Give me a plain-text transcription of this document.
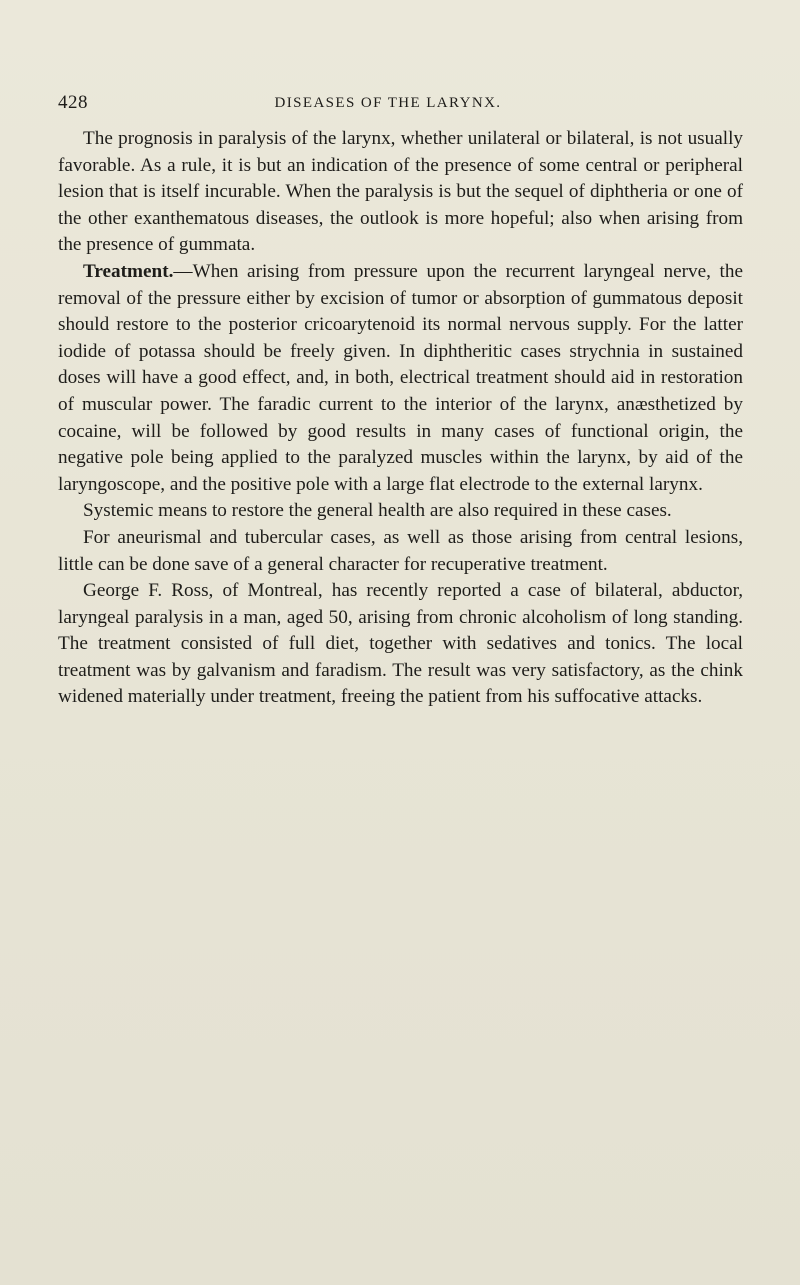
428	DISEASES OF THE LARYNX.

The prognosis in paralysis of the larynx, whether unilateral or bilateral, is not usually favorable. As a rule, it is but an indication of the presence of some central or peripheral lesion that is itself incurable. When the paralysis is but the sequel of diphtheria or one of the other exanthematous diseases, the outlook is more hopeful; also when arising from the presence of gummata.

Treatment.—When arising from pressure upon the recurrent laryngeal nerve, the removal of the pressure either by excision of tumor or absorption of gummatous deposit should restore to the posterior cricoarytenoid its normal nervous supply. For the latter iodide of potassa should be freely given. In diphtheritic cases strychnia in sustained doses will have a good effect, and, in both, electrical treatment should aid in restoration of muscular power. The faradic current to the interior of the larynx, anæsthetized by cocaine, will be followed by good results in many cases of functional origin, the negative pole being applied to the paralyzed muscles within the larynx, by aid of the laryngoscope, and the positive pole with a large flat electrode to the external larynx.

Systemic means to restore the general health are also required in these cases.

For aneurismal and tubercular cases, as well as those arising from central lesions, little can be done save of a general character for recuperative treatment.

George F. Ross, of Montreal, has recently reported a case of bilateral, abductor, laryngeal paralysis in a man, aged 50, arising from chronic alcoholism of long standing. The treatment consisted of full diet, together with sedatives and tonics. The local treatment was by galvanism and faradism. The result was very satisfactory, as the chink widened materially under treatment, freeing the patient from his suffocative attacks.
